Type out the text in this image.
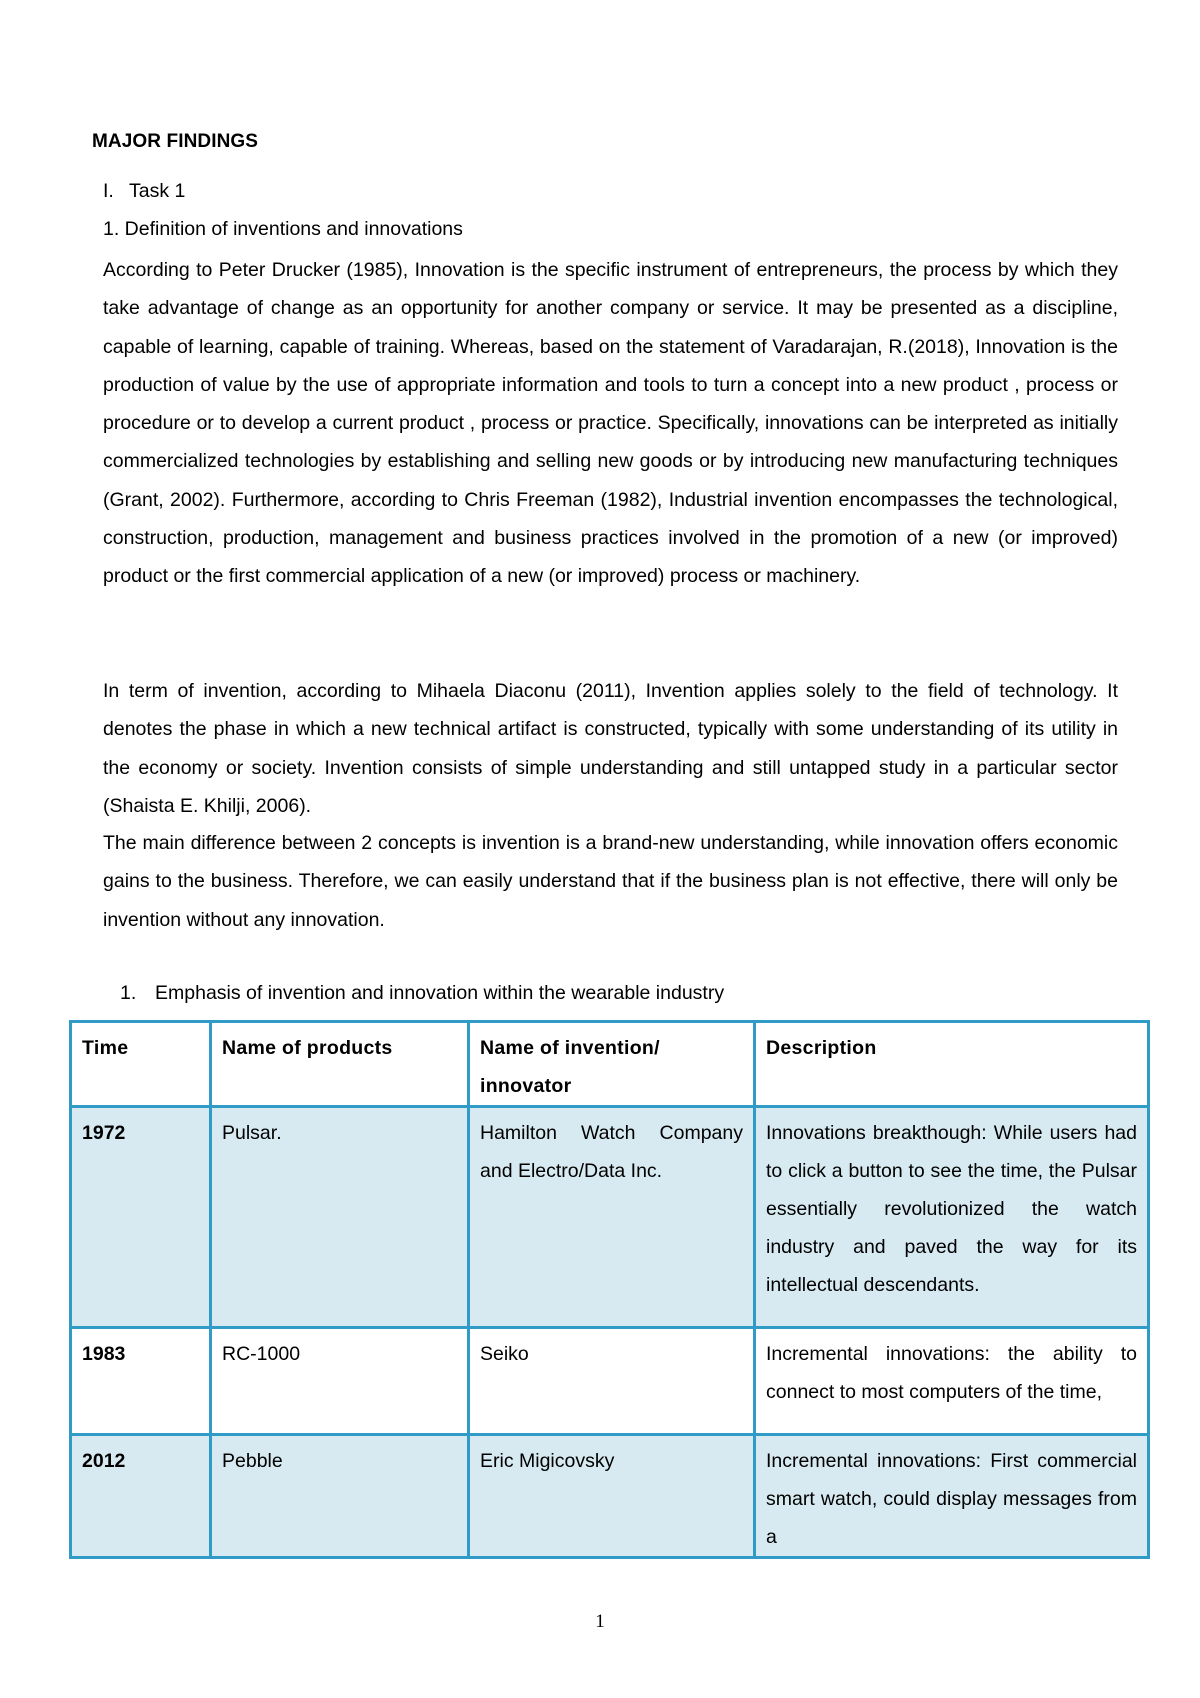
MAJOR FINDINGS
I. Task 1
1. Definition of inventions and innovations
According to Peter Drucker (1985), Innovation is the specific instrument of entrepreneurs, the process by which they take advantage of change as an opportunity for another company or service. It may be presented as a discipline, capable of learning, capable of training. Whereas, based on the statement of Varadarajan, R.(2018), Innovation is the production of value by the use of appropriate information and tools to turn a concept into a new product , process or procedure or to develop a current product , process or practice. Specifically, innovations can be interpreted as initially commercialized technologies by establishing and selling new goods or by introducing new manufacturing techniques (Grant, 2002). Furthermore, according to Chris Freeman (1982), Industrial invention encompasses the technological, construction, production, management and business practices involved in the promotion of a new (or improved) product or the first commercial application of a new (or improved) process or machinery.
In term of invention, according to Mihaela Diaconu (2011), Invention applies solely to the field of technology. It denotes the phase in which a new technical artifact is constructed, typically with some understanding of its utility in the economy or society. Invention consists of simple understanding and still untapped study in a particular sector (Shaista E. Khilji, 2006).
The main difference between 2 concepts is invention is a brand-new understanding, while innovation offers economic gains to the business. Therefore, we can easily understand that if the business plan is not effective, there will only be invention without any innovation.
1. Emphasis of invention and innovation within the wearable industry
Time	Name of products	Name of invention/ innovator	Description
1972	Pulsar.	Hamilton Watch Company and Electro/Data Inc.	Innovations breakthough: While users had to click a button to see the time, the Pulsar essentially revolutionized the watch industry and paved the way for its intellectual descendants.
1983	RC-1000	Seiko	Incremental innovations: the ability to connect to most computers of the time,
2012	Pebble	Eric Migicovsky	Incremental innovations: First commercial smart watch, could display messages from a
1
